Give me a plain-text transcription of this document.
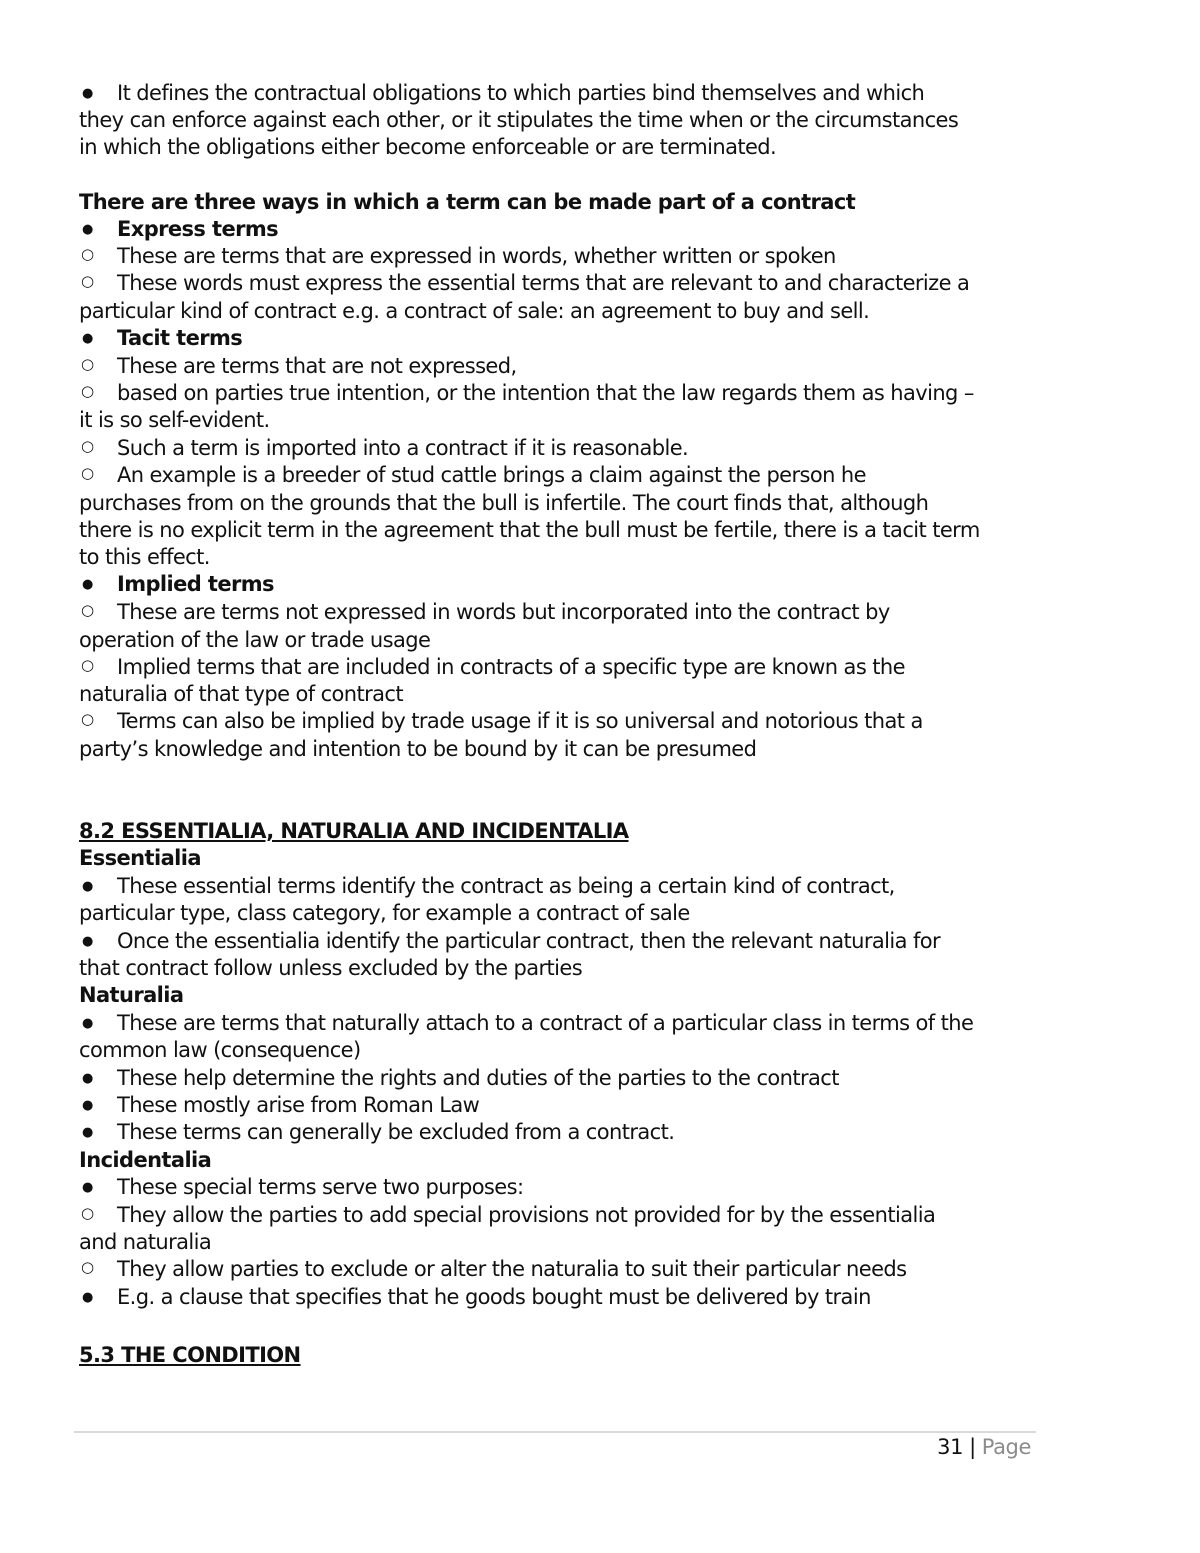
●It defines the contractual obligations to which parties bind themselves and which
they can enforce against each other, or it stipulates the time when or the circumstances
in which the obligations either become enforceable or are terminated.
There are three ways in which a term can be made part of a contract
●Express terms
○These are terms that are expressed in words, whether written or spoken
○These words must express the essential terms that are relevant to and characterize a
particular kind of contract e.g. a contract of sale: an agreement to buy and sell.
●Tacit terms
○These are terms that are not expressed,
○based on parties true intention, or the intention that the law regards them as having –
it is so self-evident.
○Such a term is imported into a contract if it is reasonable.
○An example is a breeder of stud cattle brings a claim against the person he
purchases from on the grounds that the bull is infertile. The court finds that, although
there is no explicit term in the agreement that the bull must be fertile, there is a tacit term
to this effect.
●Implied terms
○These are terms not expressed in words but incorporated into the contract by
operation of the law or trade usage
○Implied terms that are included in contracts of a specific type are known as the
naturalia of that type of contract
○Terms can also be implied by trade usage if it is so universal and notorious that a
party’s knowledge and intention to be bound by it can be presumed
8.2 ESSENTIALIA, NATURALIA AND INCIDENTALIA
Essentialia
●These essential terms identify the contract as being a certain kind of contract,
particular type, class category, for example a contract of sale
●Once the essentialia identify the particular contract, then the relevant naturalia for
that contract follow unless excluded by the parties
Naturalia
●These are terms that naturally attach to a contract of a particular class in terms of the
common law (consequence)
●These help determine the rights and duties of the parties to the contract
●These mostly arise from Roman Law
●These terms can generally be excluded from a contract.
Incidentalia
●These special terms serve two purposes:
○They allow the parties to add special provisions not provided for by the essentialia
and naturalia
○They allow parties to exclude or alter the naturalia to suit their particular needs
●E.g. a clause that specifies that he goods bought must be delivered by train
5.3 THE CONDITION
31 | Page
